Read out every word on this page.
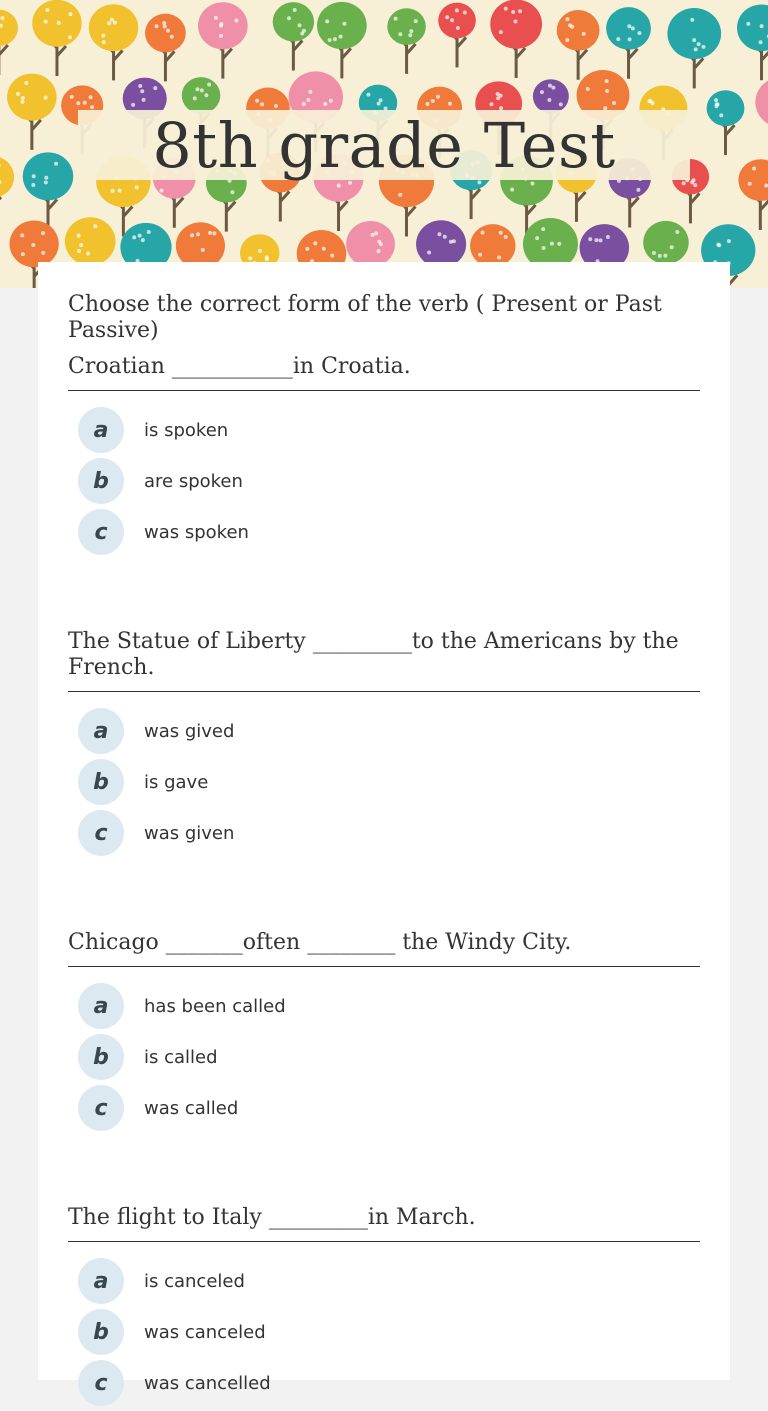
8th grade Test
Choose the correct form of the verb ( Present or Past Passive)
Croatian ___________in Croatia.
a	is spoken
b	are spoken
c	was spoken
The Statue of Liberty _________to the Americans by the French.
a	was gived
b	is gave
c	was given
Chicago _______often ________ the Windy City.
a	has been called
b	is called
c	was called
The flight to Italy _________in March.
a	is canceled
b	was canceled
c	was cancelled
